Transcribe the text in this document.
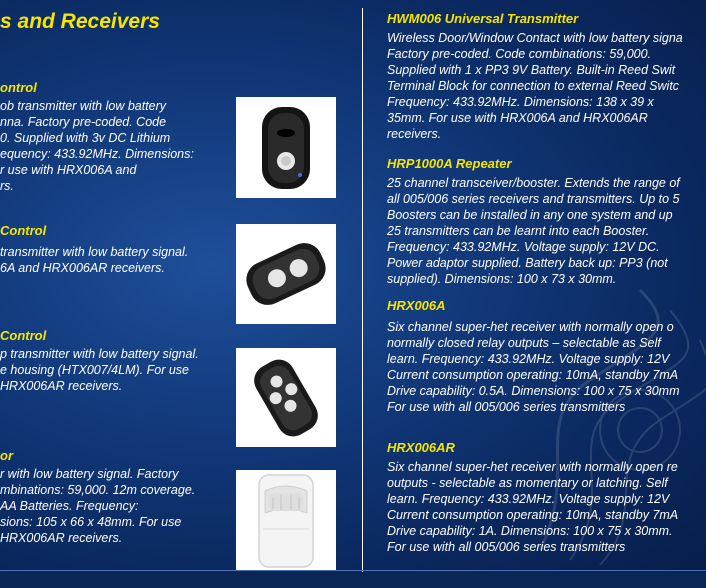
s and Receivers
ontrol

ob transmitter with low battery
nna. Factory pre-coded. Code
0. Supplied with 3v DC Lithium
equency: 433.92MHz. Dimensions:
r use with HRX006A and
rs.

Control

transmitter with low battery signal.
6A and HRX006AR receivers.

Control

p transmitter with low battery signal.
e housing (HTX007/4LM). For use
HRX006AR receivers.

or

r with low battery signal. Factory
mbinations: 59,000. 12m coverage.
AA Batteries. Frequency:
sions: 105 x 66 x 48mm. For use
HRX006AR receivers.

HWM006 Universal Transmitter

Wireless Door/Window Contact with low battery signa
Factory pre-coded. Code combinations: 59,000.
Supplied with 1 x PP3 9V Battery. Built-in Reed Swit
Terminal Block for connection to external Reed Switc
Frequency: 433.92MHz. Dimensions: 138 x 39 x
35mm. For use with HRX006A and HRX006AR
receivers.

HRP1000A Repeater

25 channel transceiver/booster. Extends the range of
all 005/006 series receivers and transmitters. Up to 5
Boosters can be installed in any one system and up
25 transmitters can be learnt into each Booster.
Frequency: 433.92MHz. Voltage supply: 12V DC.
Power adaptor supplied. Battery back up: PP3 (not
supplied). Dimensions: 100 x 73 x 30mm.

HRX006A

Six channel super-het receiver with normally open o
normally closed relay outputs – selectable as Self
learn. Frequency: 433.92MHz. Voltage supply: 12V
Current consumption operating: 10mA, standby 7mA
Drive capability: 0.5A. Dimensions: 100 x 75 x 30mm
For use with all 005/006 series transmitters

HRX006AR

Six channel super-het receiver with normally open re
outputs - selectable as momentary or latching. Self
learn. Frequency: 433.92MHz. Voltage supply: 12V
Current consumption operating: 10mA, standby 7mA
Drive capability: 1A. Dimensions: 100 x 75 x 30mm.
For use with all 005/006 series transmitters
